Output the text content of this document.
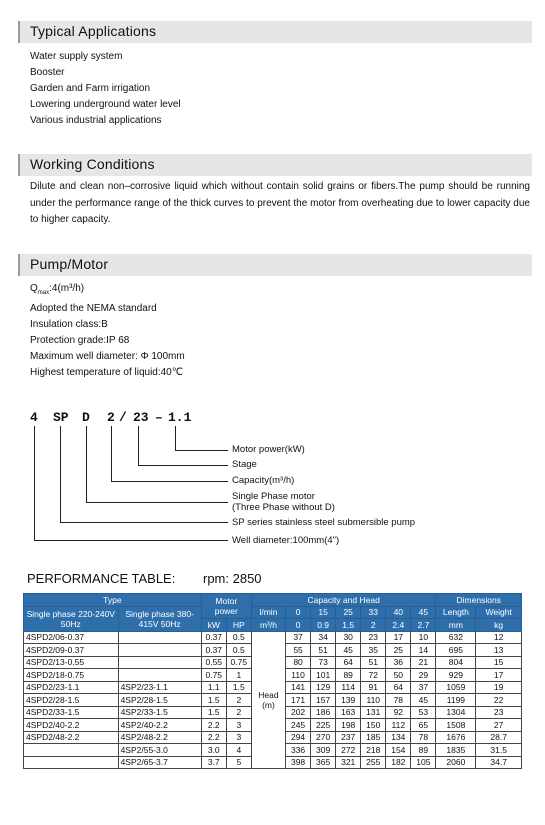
Typical Applications
Water supply system
Booster
Garden and Farm irrigation
Lowering underground water level
Various industrial applications
Working Conditions
Dilute and clean non–corrosive liquid which without contain solid grains or fibers.The pump should be running under the performance range of the thick curves to prevent the motor from overheating due to lower capacity due to higher capacity.
Pump/Motor
$Q_{max}:4(m^3/h)$
Adopted the NEMA standard
Insulation class:B
Protection grade:IP 68
Maximum well diameter: Φ 100mm
Highest temperature of liquid:40℃
4 SP D 2 / 23 – 1.1
Motor power(kW)
Stage
Capacity(m³/h)
Single Phase motor
(Three Phase without D)
SP series stainless steel submersible pump
Well diameter:100mm(4")
PERFORMANCE TABLE: rpm: 2850
Type		Motor power		Capacity and Head							Dimensions	
Single phase 220-240V 50Hz	Single phase 380-415V 50Hz			l/min	0	15	25	33	40	45	Length	Weight
		kW	HP	m³/h	0	0.9	1.5	2	2.4	2.7	mm	kg
4SPD2/06-0.37		0.37	0.5	Head (m)	37	34	30	23	17	10	632	12
4SPD2/09-0.37		0.37	0.5		55	51	45	35	25	14	695	13
4SPD2/13-0.55		0.55	0.75		80	73	64	51	36	21	804	15
4SPD2/18-0.75		0.75	1		110	101	89	72	50	29	929	17
4SPD2/23-1.1	4SP2/23-1.1	1.1	1.5		141	129	114	91	64	37	1059	19
4SPD2/28-1.5	4SP2/28-1.5	1.5	2		171	157	139	110	78	45	1199	22
4SPD2/33-1.5	4SP2/33-1.5	1.5	2		202	186	163	131	92	53	1304	23
4SPD2/40-2.2	4SP2/40-2.2	2.2	3		245	225	198	150	112	65	1508	27
4SPD2/48-2.2	4SP2/48-2.2	2.2	3		294	270	237	185	134	78	1676	28.7
	4SP2/55-3.0	3.0	4		336	309	272	218	154	89	1835	31.5
	4SP2/65-3.7	3.7	5		398	365	321	255	182	105	2060	34.7
